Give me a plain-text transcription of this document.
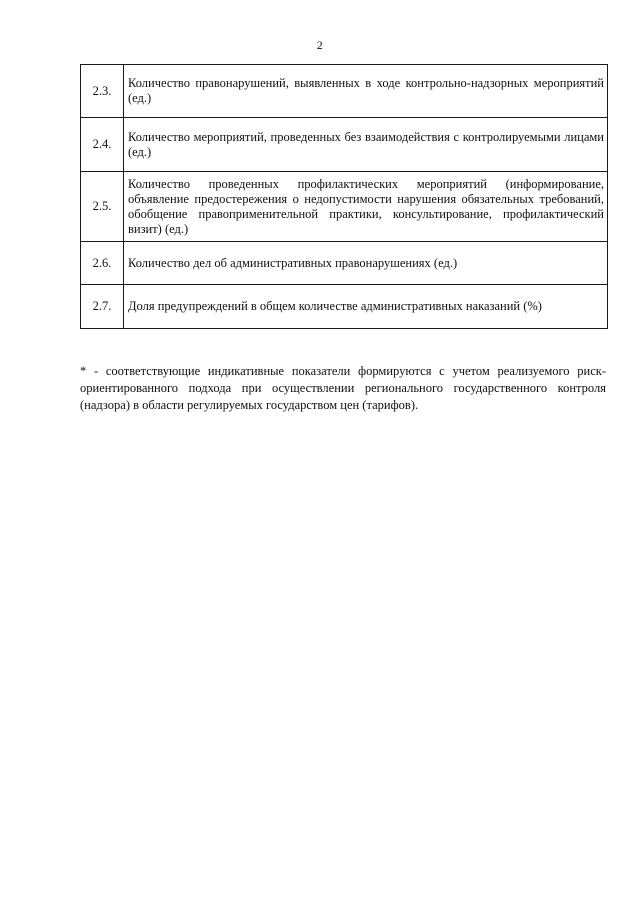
2
2.3.	Количество правонарушений, выявленных в ходе контрольно-надзорных мероприятий (ед.)
2.4.	Количество мероприятий, проведенных без взаимодействия с контролируемыми лицами (ед.)
2.5.	Количество проведенных профилактических мероприятий (информирование, объявление предостережения о недопустимости нарушения обязательных требований, обобщение правоприменительной практики, консультирование, профилактический визит) (ед.)
2.6.	Количество дел об административных правонарушениях (ед.)
2.7.	Доля предупреждений в общем количестве административных наказаний (%)

* - соответствующие индикативные показатели формируются с учетом реализуемого риск-ориентированного подхода при осуществлении регионального государственного контроля (надзора) в области регулируемых государством цен (тарифов).
